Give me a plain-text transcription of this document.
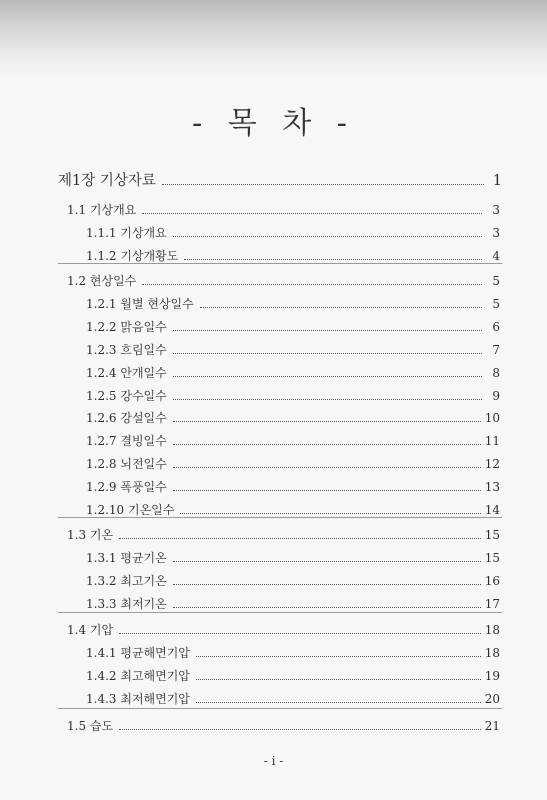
- 목 차 -
제1장 기상자료	1
1.1 기상개요	3
1.1.1 기상개요	3
1.1.2 기상개황도	4
1.2 현상일수	5
1.2.1 월별 현상일수	5
1.2.2 맑음일수	6
1.2.3 흐림일수	7
1.2.4 안개일수	8
1.2.5 강수일수	9
1.2.6 강설일수	10
1.2.7 결빙일수	11
1.2.8 뇌전일수	12
1.2.9 폭풍일수	13
1.2.10 기온일수	14
1.3 기온	15
1.3.1 평균기온	15
1.3.2 최고기온	16
1.3.3 최저기온	17
1.4 기압	18
1.4.1 평균해면기압	18
1.4.2 최고해면기압	19
1.4.3 최저해면기압	20
1.5 습도	21
- i -
